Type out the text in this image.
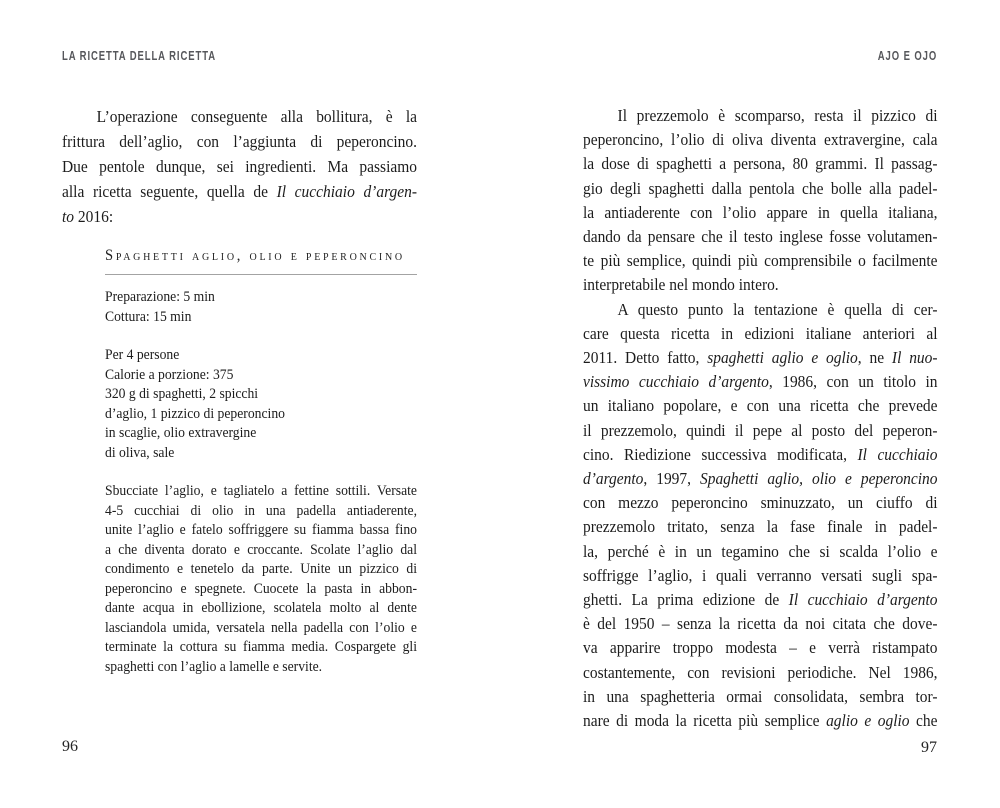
LA RICETTA DELLA RICETTA
L’operazione conseguente alla bollitura, è la
frittura dell’aglio, con l’aggiunta di peperoncino.
Due pentole dunque, sei ingredienti. Ma passiamo
alla ricetta seguente, quella de Il cucchiaio d’argen-
to 2016:
Spaghetti aglio, olio e peperoncino
Preparazione: 5 min
Cottura: 15 min
Per 4 persone
Calorie a porzione: 375
320 g di spaghetti, 2 spicchi
d’aglio, 1 pizzico di peperoncino
in scaglie, olio extravergine
di oliva, sale
Sbucciate l’aglio, e tagliatelo a fettine sottili. Versate
4-5 cucchiai di olio in una padella antiaderente,
unite l’aglio e fatelo soffriggere su fiamma bassa fino
a che diventa dorato e croccante. Scolate l’aglio dal
condimento e tenetelo da parte. Unite un pizzico di
peperoncino e spegnete. Cuocete la pasta in abbon-
dante acqua in ebollizione, scolatela molto al dente
lasciandola umida, versatela nella padella con l’olio e
terminate la cottura su fiamma media. Cospargete gli
spaghetti con l’aglio a lamelle e servite.
96
AJO E OJO
Il prezzemolo è scomparso, resta il pizzico di
peperoncino, l’olio di oliva diventa extravergine, cala
la dose di spaghetti a persona, 80 grammi. Il passag-
gio degli spaghetti dalla pentola che bolle alla padel-
la antiaderente con l’olio appare in quella italiana,
dando da pensare che il testo inglese fosse volutamen-
te più semplice, quindi più comprensibile o facilmente
interpretabile nel mondo intero.
A questo punto la tentazione è quella di cer-
care questa ricetta in edizioni italiane anteriori al
2011. Detto fatto, spaghetti aglio e oglio, ne Il nuo-
vissimo cucchiaio d’argento, 1986, con un titolo in
un italiano popolare, e con una ricetta che prevede
il prezzemolo, quindi il pepe al posto del peperon-
cino. Riedizione successiva modificata, Il cucchiaio
d’argento, 1997, Spaghetti aglio, olio e peperoncino
con mezzo peperoncino sminuzzato, un ciuffo di
prezzemolo tritato, senza la fase finale in padel-
la, perché è in un tegamino che si scalda l’olio e
soffrigge l’aglio, i quali verranno versati sugli spa-
ghetti. La prima edizione de Il cucchiaio d’argento
è del 1950 – senza la ricetta da noi citata che dove-
va apparire troppo modesta – e verrà ristampato
costantemente, con revisioni periodiche. Nel 1986,
in una spaghetteria ormai consolidata, sembra tor-
nare di moda la ricetta più semplice aglio e oglio che
97
